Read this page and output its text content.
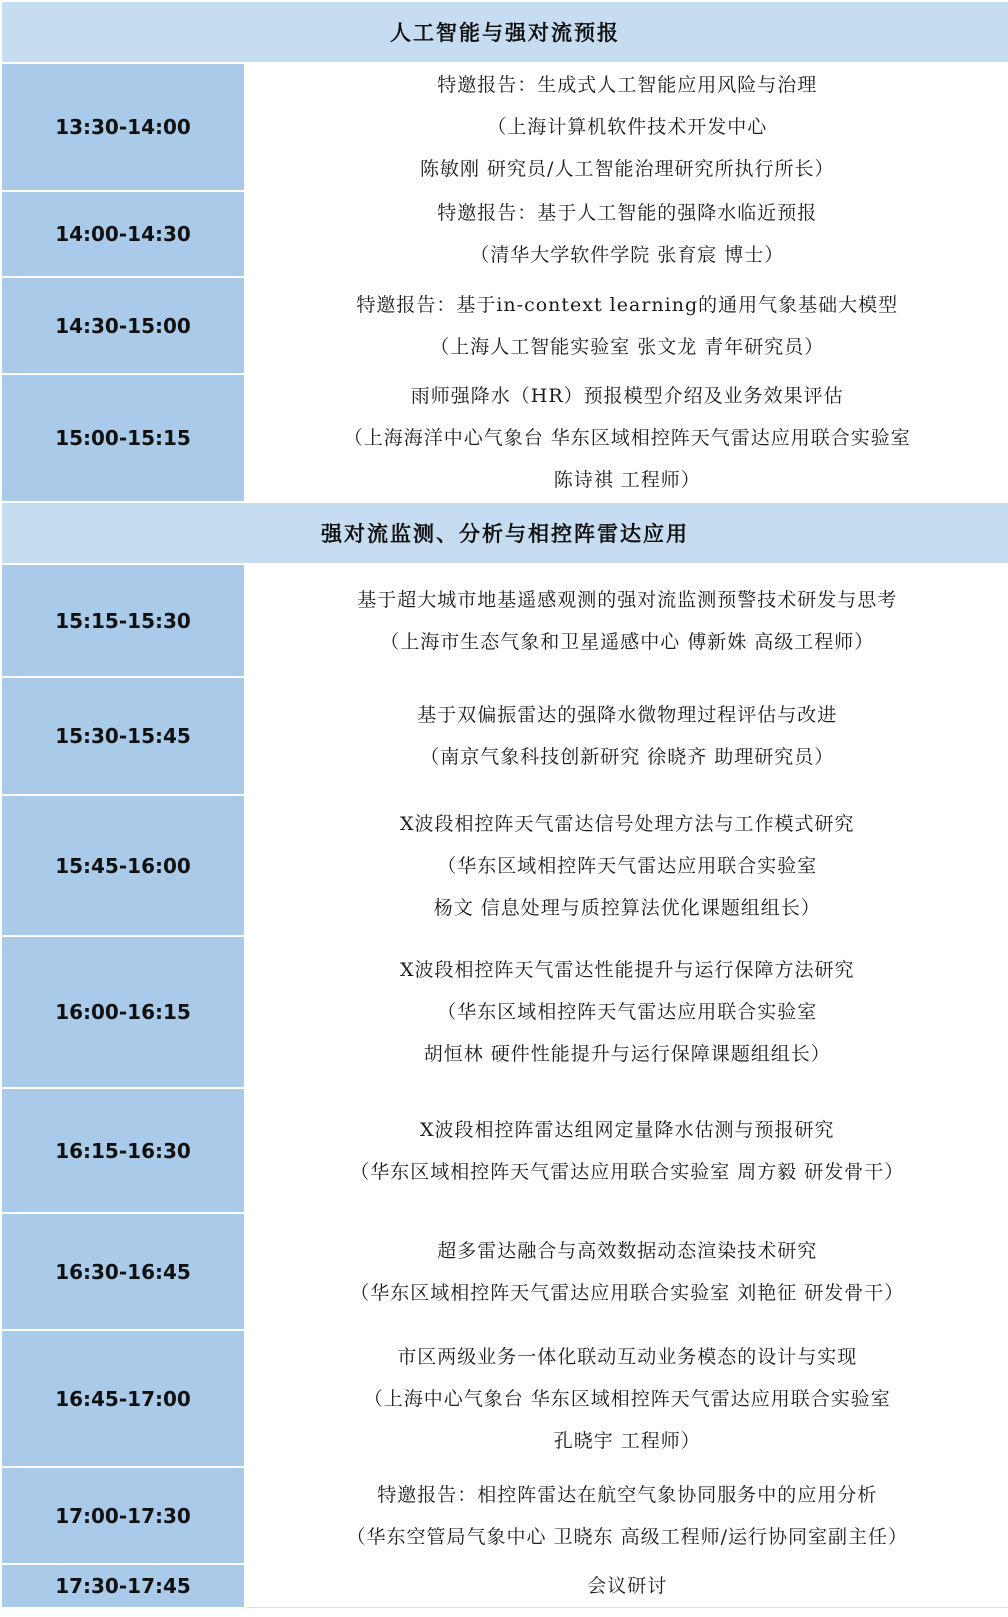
人工智能与强对流预报	
13:30-14:00	特邀报告：生成式人工智能应用风险与治理
（上海计算机软件技术开发中心
陈敏刚 研究员/人工智能治理研究所执行所长）

14:00-14:30	特邀报告：基于人工智能的强降水临近预报
（清华大学软件学院 张育宸 博士）

14:30-15:00	特邀报告：基于in-context learning的通用气象基础大模型
（上海人工智能实验室 张文龙 青年研究员）

15:00-15:15	雨师强降水（HR）预报模型介绍及业务效果评估
（上海海洋中心气象台 华东区域相控阵天气雷达应用联合实验室
陈诗祺 工程师）

强对流监测、分析与相控阵雷达应用	
15:15-15:30	基于超大城市地基遥感观测的强对流监测预警技术研发与思考
（上海市生态气象和卫星遥感中心 傅新姝 高级工程师）

15:30-15:45	基于双偏振雷达的强降水微物理过程评估与改进
（南京气象科技创新研究 徐晓齐 助理研究员）

15:45-16:00	X波段相控阵天气雷达信号处理方法与工作模式研究
（华东区域相控阵天气雷达应用联合实验室
杨文 信息处理与质控算法优化课题组组长）

16:00-16:15	X波段相控阵天气雷达性能提升与运行保障方法研究
（华东区域相控阵天气雷达应用联合实验室
胡恒林 硬件性能提升与运行保障课题组组长）

16:15-16:30	X波段相控阵雷达组网定量降水估测与预报研究
（华东区域相控阵天气雷达应用联合实验室 周方毅 研发骨干）

16:30-16:45	超多雷达融合与高效数据动态渲染技术研究
（华东区域相控阵天气雷达应用联合实验室 刘艳征 研发骨干）

16:45-17:00	市区两级业务一体化联动互动业务模态的设计与实现
（上海中心气象台 华东区域相控阵天气雷达应用联合实验室
孔晓宇 工程师）

17:00-17:30	特邀报告：相控阵雷达在航空气象协同服务中的应用分析
（华东空管局气象中心 卫晓东 高级工程师/运行协同室副主任）

17:30-17:45	会议研讨
